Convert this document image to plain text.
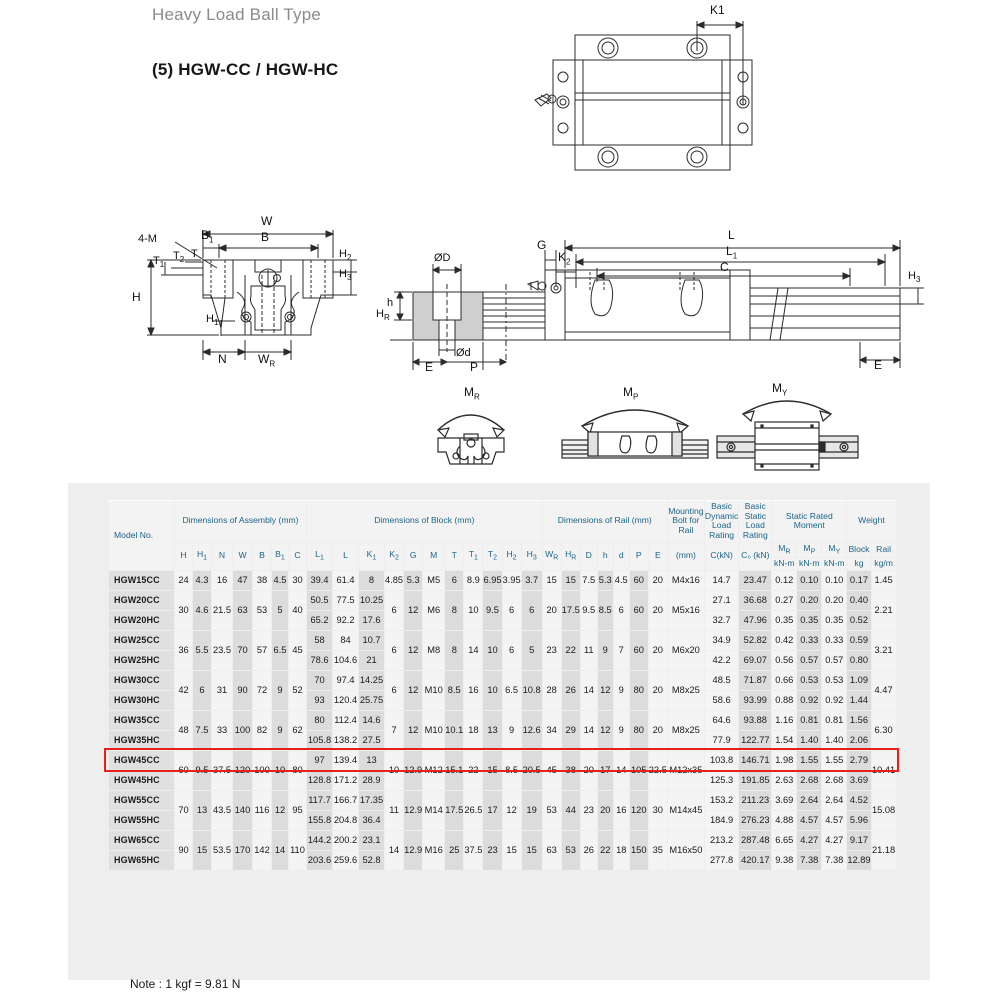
Heavy Load Ball Type
(5) HGW-CC / HGW-HC
K1
4-M
W
B
$B_1$
H
$T_1$
$T_2$ T
$H_1$
$H_2$
$H_3$
N	$W_R$
G
$K_2$
L
$L_1$
C
ØD
Ød
h
$H_R$
E	P	E
$H_3$
$M_R$	$M_P$
$M_Y$
Model No.	Dimensions of Assembly (mm)							Dimensions of Block (mm)											Dimensions of Rail (mm)							Mounting Bolt for Rail	Basic Dynamic Load Rating	Basic Static Load Rating	Static Rated Moment			Weight	
	H	$H_1$	N	W	B	$B_1$	C	$L_1$	L	$K_1$	$K_2$	G	M	T	$T_1$	$T_2$	$H_2$	$H_3$	$W_R$	$H_R$	D	h	d	P	E	(mm)	C(kN)	C₀ (kN)	$M_R$	$M_P$	$M_Y$	Block	Rail
																													kN-m	kN-m	kN-m	kg	kg/m
HGW15CC	24	4.3	16	47	38	4.5	30	39.4	61.4	8	4.85	5.3	M5	6	8.9	6.95	3.95	3.7	15	15	7.5	5.3	4.5	60	20	M4x16	14.7	23.47	0.12	0.10	0.10	0.17	1.45
HGW20CC	30	4.6	21.5	63	53	5	40	50.5	77.5	10.25	6	12	M6	8	10	9.5	6	6	20	17.5	9.5	8.5	6	60	20	M5x16	27.1	36.68	0.27	0.20	0.20	0.40	2.21
HGW20HC								65.2	92.2	17.6																	32.7	47.96	0.35	0.35	0.35	0.52	
HGW25CC	36	5.5	23.5	70	57	6.5	45	58	84	10.7	6	12	M8	8	14	10	6	5	23	22	11	9	7	60	20	M6x20	34.9	52.82	0.42	0.33	0.33	0.59	3.21
HGW25HC								78.6	104.6	21																	42.2	69.07	0.56	0.57	0.57	0.80	
HGW30CC	42	6	31	90	72	9	52	70	97.4	14.25	6	12	M10	8.5	16	10	6.5	10.8	28	26	14	12	9	80	20	M8x25	48.5	71.87	0.66	0.53	0.53	1.09	4.47
HGW30HC								93	120.4	25.75																	58.6	93.99	0.88	0.92	0.92	1.44	
HGW35CC	48	7.5	33	100	82	9	62	80	112.4	14.6	7	12	M10	10.1	18	13	9	12.6	34	29	14	12	9	80	20	M8x25	64.6	93.88	1.16	0.81	0.81	1.56	6.30
HGW35HC								105.8	138.2	27.5																	77.9	122.77	1.54	1.40	1.40	2.06	
HGW45CC	60	9.5	37.5	120	100	10	80	97	139.4	13	10	12.9	M12	15.1	22	15	8.5	20.5	45	38	20	17	14	105	22.5	M12x35	103.8	146.71	1.98	1.55	1.55	2.79	10.41
HGW45HC								128.8	171.2	28.9																	125.3	191.85	2.63	2.68	2.68	3.69	
HGW55CC	70	13	43.5	140	116	12	95	117.7	166.7	17.35	11	12.9	M14	17.5	26.5	17	12	19	53	44	23	20	16	120	30	M14x45	153.2	211.23	3.69	2.64	2.64	4.52	15.08
HGW55HC								155.8	204.8	36.4																	184.9	276.23	4.88	4.57	4.57	5.96	
HGW65CC	90	15	53.5	170	142	14	110	144.2	200.2	23.1	14	12.9	M16	25	37.5	23	15	15	63	53	26	22	18	150	35	M16x50	213.2	287.48	6.65	4.27	4.27	9.17	21.18
HGW65HC								203.6	259.6	52.8																	277.8	420.17	9.38	7.38	7.38	12.89	
Note : 1 kgf = 9.81 N
